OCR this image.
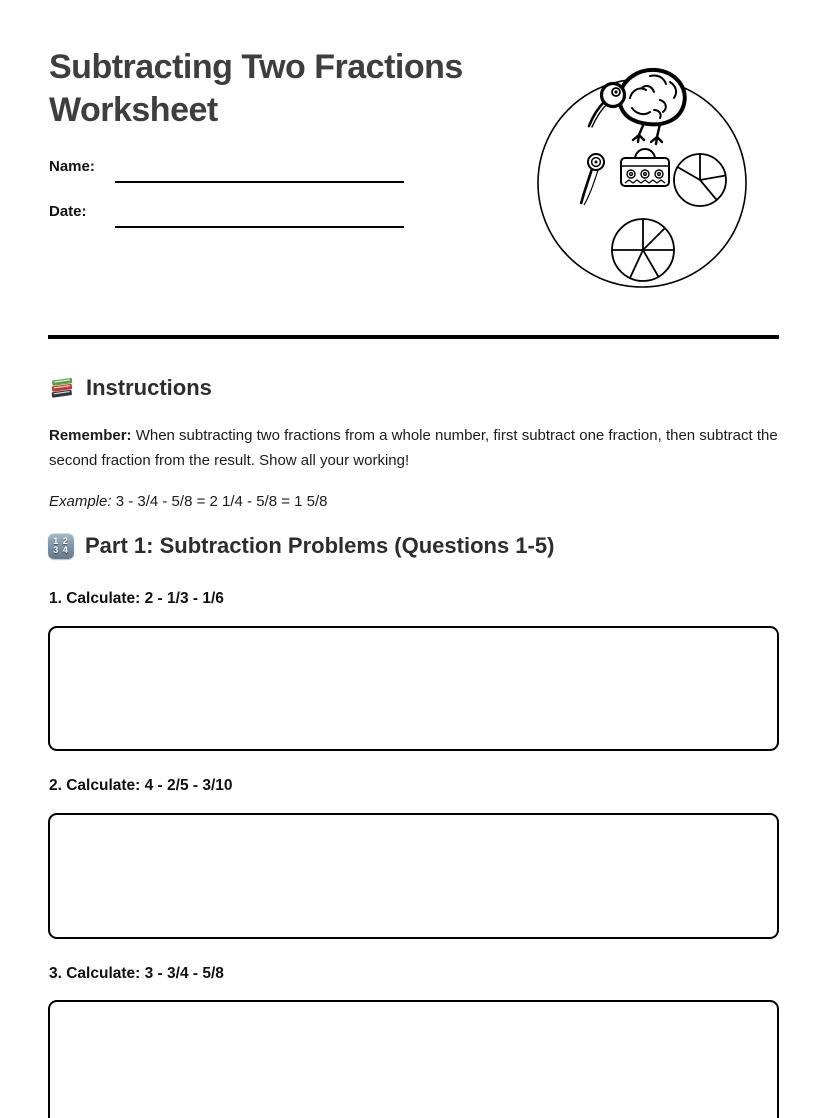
Subtracting Two Fractions Worksheet
Name:
Date:
Instructions

Remember: When subtracting two fractions from a whole number, first subtract one fraction, then subtract the second fraction from the result. Show all your working!

Example: 3 - 3/4 - 5/8 = 2 1/4 - 5/8 = 1 5/8

1 2
3 4 Part 1: Subtraction Problems (Questions 1-5)
1. Calculate: 2 - 1/3 - 1/6
2. Calculate: 4 - 2/5 - 3/10
3. Calculate: 3 - 3/4 - 5/8
